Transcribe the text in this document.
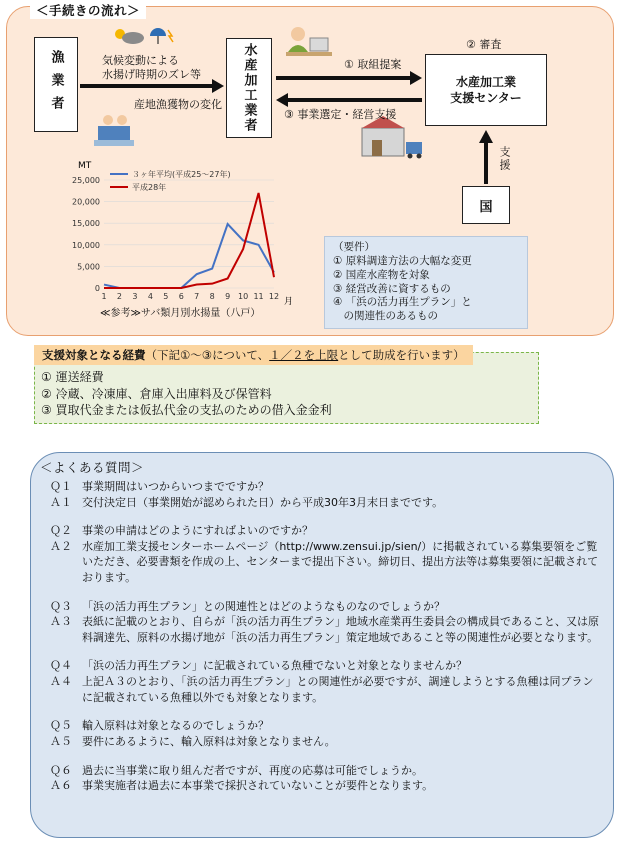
＜手続きの流れ＞
漁業者	水産加工業者	水産加工業
支援センター
国
気候変動による
水揚げ時期のズレ等
産地漁獲物の変化
① 取組提案
② 審査
③ 事業選定・経営支援
支援
25,000
20,000
15,000
10,000
5,000
0
1 2 3 4 5 6 7 8 9 10 11 12
３ヶ年平均(平成25〜27年)
平成28年
MT
月
≪参考≫サバ類月別水揚量（八戸）
（要件）
① 原料調達方法の大幅な変更
② 国産水産物を対象
③ 経営改善に資するもの
④ 「浜の活力再生プラン」と
　の関連性のあるもの
① 運送経費
② 冷蔵、冷凍庫、倉庫入出庫料及び保管料
③ 買取代金または仮払代金の支払のための借入金金利
支援対象となる経費（下記①～③について、１／２を上限として助成を行います）
＜よくある質問＞
Ｑ１ 事業期間はいつからいつまでですか？
Ａ１ 交付決定日（事業開始が認められた日）から平成30年3月末日までです。
Ｑ２ 事業の申請はどのようにすればよいのですか？
Ａ２ 水産加工業支援センターホームページ（http://www.zensui.jp/sien/）に掲載されている募集要領をご覧いただき、必要書類を作成の上、センターまで提出下さい。締切日、提出方法等は募集要領に記載されております。
Ｑ３ 「浜の活力再生プラン」との関連性とはどのようなものなのでしょうか？
Ａ３ 表紙に記載のとおり、自らが「浜の活力再生プラン」地域水産業再生委員会の構成員であること、又は原料調達先、原料の水揚げ地が「浜の活力再生プラン」策定地域であること等の関連性が必要となります。
Ｑ４ 「浜の活力再生プラン」に記載されている魚種でないと対象となりませんか？
Ａ４ 上記Ａ３のとおり、「浜の活力再生プラン」との関連性が必要ですが、調達しようとする魚種は同プランに記載されている魚種以外でも対象となります。
Ｑ５ 輸入原料は対象となるのでしょうか？
Ａ５ 要件にあるように、輸入原料は対象となりません。
Ｑ６ 過去に当事業に取り組んだ者ですが、再度の応募は可能でしょうか。
Ａ６ 事業実施者は過去に本事業で採択されていないことが要件となります。
